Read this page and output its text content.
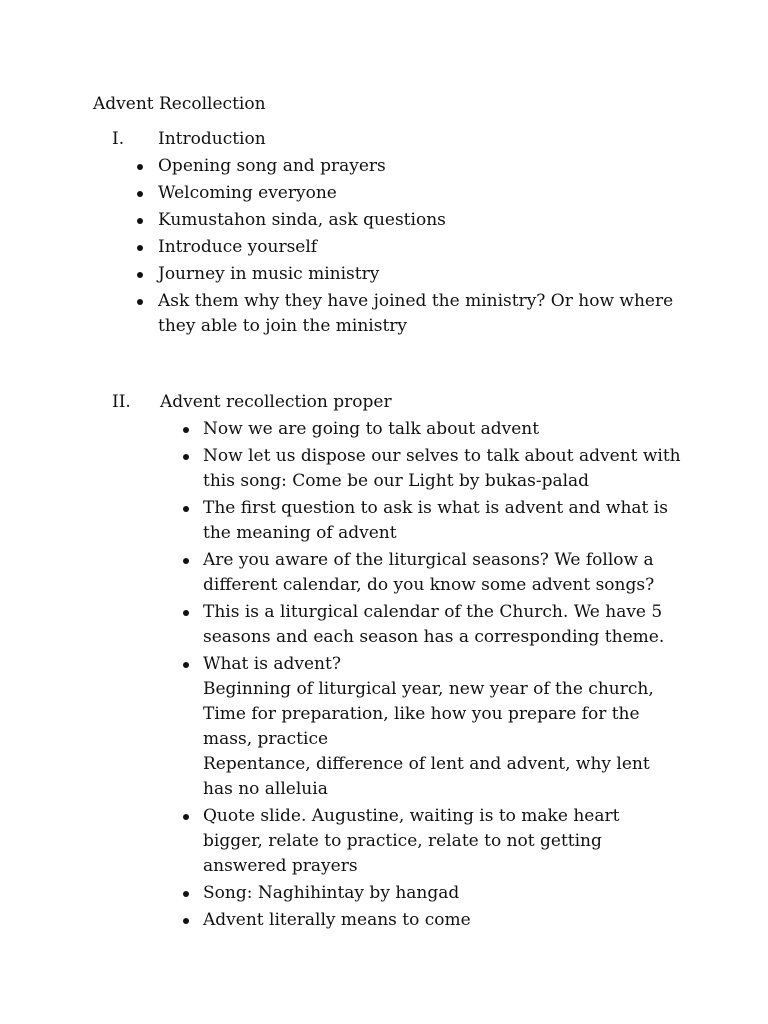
Advent Recollection
I. Introduction
Opening song and prayers
Welcoming everyone
Kumustahon sinda, ask questions
Introduce yourself
Journey in music ministry
Ask them why they have joined the ministry? Or how where they able to join the ministry
II. Advent recollection proper
Now we are going to talk about advent
Now let us dispose our selves to talk about advent with this song: Come be our Light by bukas-palad
The first question to ask is what is advent and what is the meaning of advent
Are you aware of the liturgical seasons? We follow a different calendar, do you know some advent songs?
This is a liturgical calendar of the Church. We have 5 seasons and each season has a corresponding theme.
What is advent?
Beginning of liturgical year, new year of the church,
Time for preparation, like how you prepare for the mass, practice
Repentance, difference of lent and advent, why lent has no alleluia
Quote slide. Augustine, waiting is to make heart bigger, relate to practice, relate to not getting answered prayers
Song: Naghihintay by hangad
Advent literally means to come
